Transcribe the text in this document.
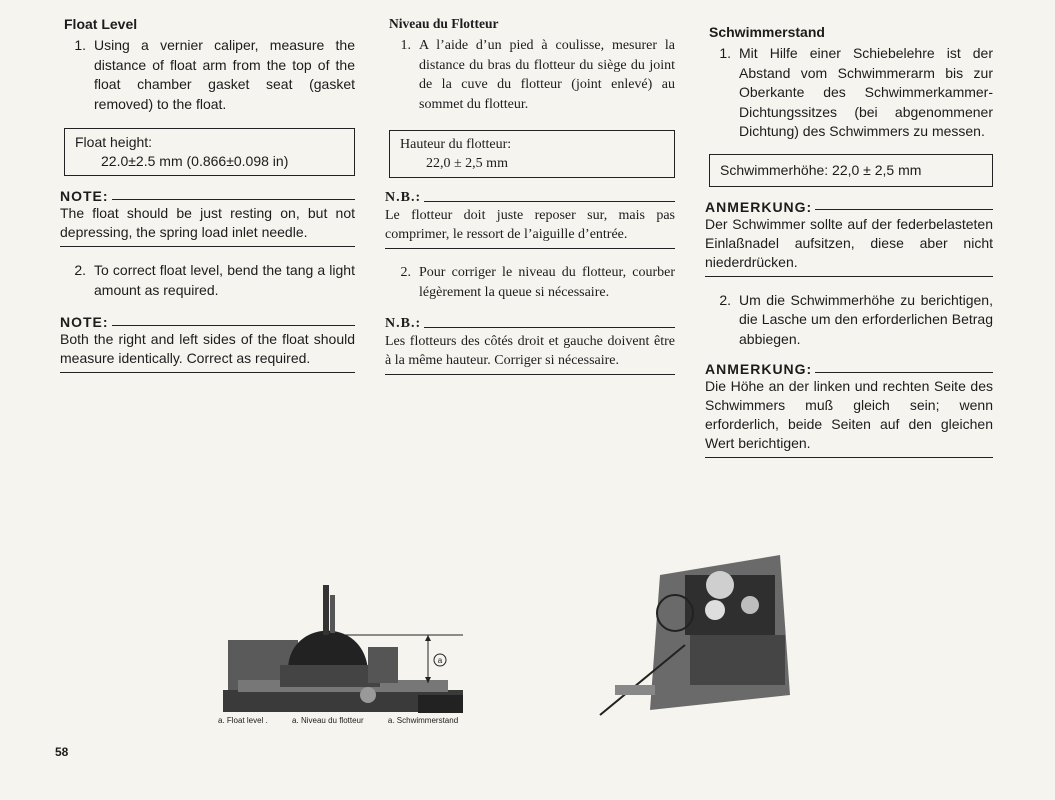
Float Level
1. Using a vernier caliper, measure the distance of float arm from the top of the float chamber gasket seat (gasket removed) to the float.
Float height:
22.0±2.5 mm (0.866±0.098 in)
NOTE:
The float should be just resting on, but not depressing, the spring load inlet needle.
2. To correct float level, bend the tang a light amount as required.
NOTE:
Both the right and left sides of the float should measure identically. Correct as required.
Niveau du Flotteur
1. A l’aide d’un pied à coulisse, mesurer la distance du bras du flotteur du siège du joint de la cuve du flotteur (joint enlevé) au sommet du flotteur.
Hauteur du flotteur:
22,0 ± 2,5 mm
N.B.:
Le flotteur doit juste reposer sur, mais pas comprimer, le ressort de l’aiguille d’entrée.
2. Pour corriger le niveau du flotteur, courber légèrement la queue si nécessaire.
N.B.:
Les flotteurs des côtés droit et gauche doivent être à la même hauteur. Corriger si nécessaire.
Schwimmerstand
1. Mit Hilfe einer Schiebelehre ist der Abstand vom Schwimmerarm bis zur Oberkante des Schwimmerkammer-Dichtungssitzes (bei abgenommener Dichtung) des Schwimmers zu messen.
Schwimmerhöhe: 22,0 ± 2,5 mm
ANMERKUNG:
Der Schwimmer sollte auf der federbelasteten Einlaßnadel aufsitzen, diese aber nicht niederdrücken.
2. Um die Schwimmerhöhe zu berichtigen, die Lasche um den erforderlichen Betrag abbiegen.
ANMERKUNG:
Die Höhe an der linken und rechten Seite des Schwimmers muß gleich sein; wenn erforderlich, beide Seiten auf den gleichen Wert berichtigen.
a
a. Float level .	a. Niveau du flotteur	a. Schwimmerstand
58
